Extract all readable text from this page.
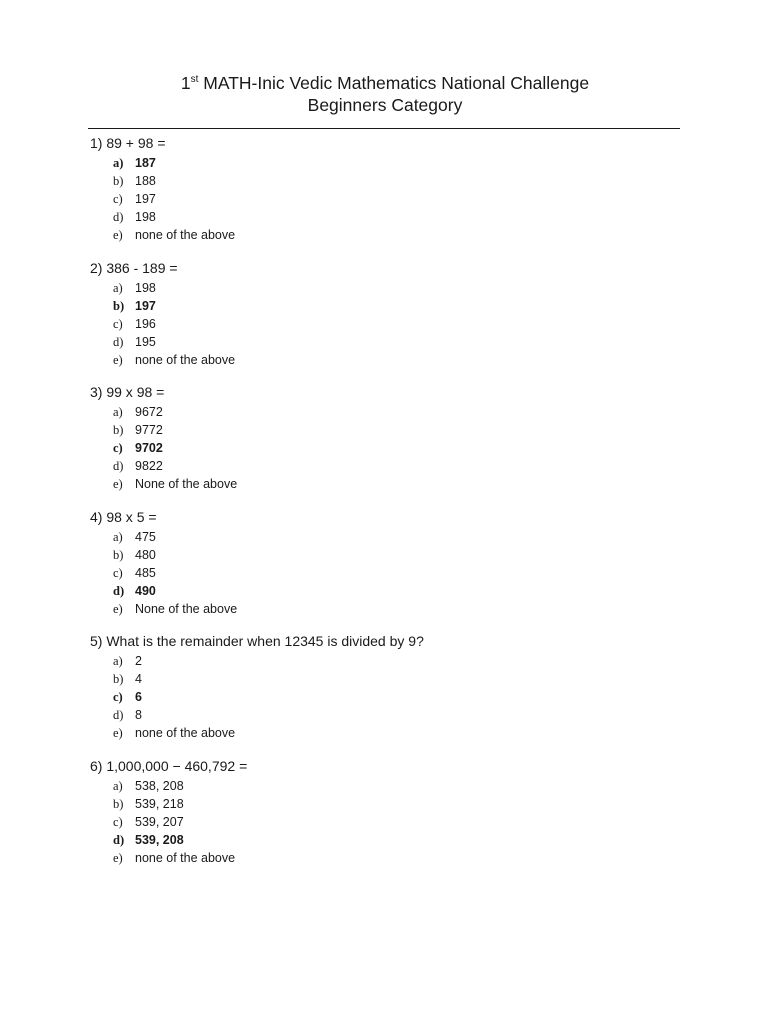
1st MATH-Inic Vedic Mathematics National Challenge
Beginners Category
1) 89 + 98 =
a) 187
b) 188
c) 197
d) 198
e) none of the above
2) 386 - 189 =
a) 198
b) 197
c) 196
d) 195
e) none of the above
3) 99 x 98 =
a) 9672
b) 9772
c) 9702
d) 9822
e) None of the above
4) 98 x 5 =
a) 475
b) 480
c) 485
d) 490
e) None of the above
5) What is the remainder when 12345 is divided by 9?
a) 2
b) 4
c) 6
d) 8
e) none of the above
6) 1,000,000 − 460,792 =
a) 538, 208
b) 539, 218
c) 539, 207
d) 539, 208
e) none of the above
